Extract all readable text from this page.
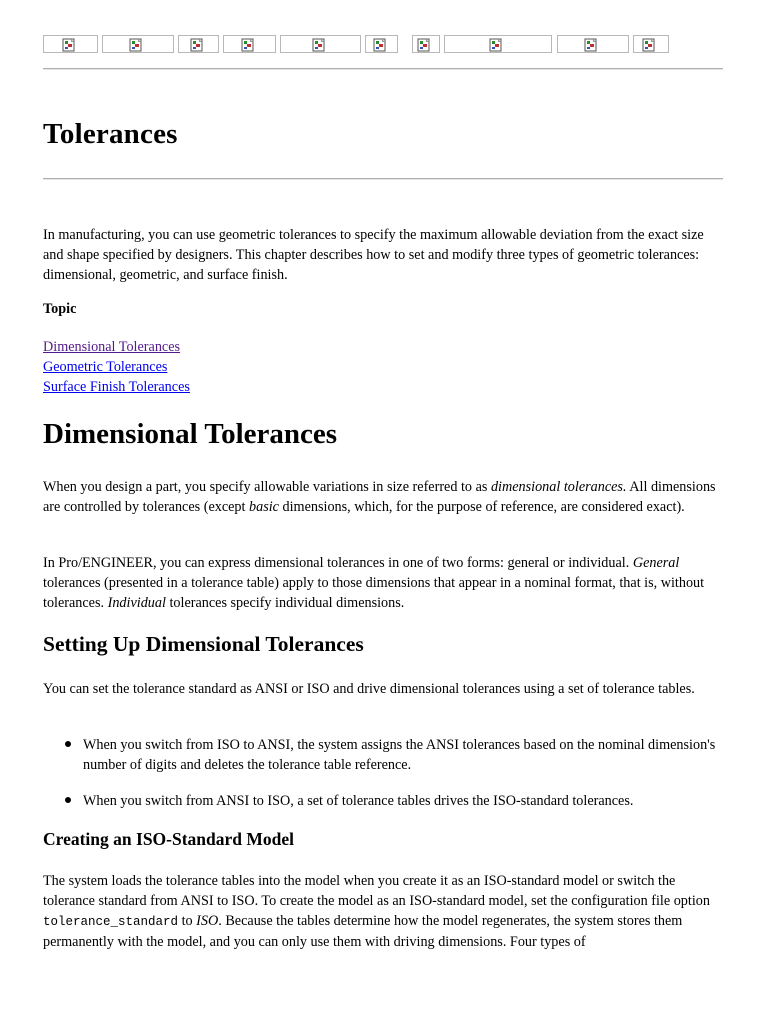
Tolerances

In manufacturing, you can use geometric tolerances to specify the maximum allowable deviation from the exact size and shape specified by designers. This chapter describes how to set and modify three types of geometric tolerances: dimensional, geometric, and surface finish.

Topic

Dimensional Tolerances
Geometric Tolerances
Surface Finish Tolerances
Dimensional Tolerances

When you design a part, you specify allowable variations in size referred to as dimensional tolerances. All dimensions are controlled by tolerances (except basic dimensions, which, for the purpose of reference, are considered exact).

In Pro/ENGINEER, you can express dimensional tolerances in one of two forms: general or individual. General tolerances (presented in a tolerance table) apply to those dimensions that appear in a nominal format, that is, without tolerances. Individual tolerances specify individual dimensions.

Setting Up Dimensional Tolerances

You can set the tolerance standard as ANSI or ISO and drive dimensional tolerances using a set of tolerance tables.

When you switch from ISO to ANSI, the system assigns the ANSI tolerances based on the nominal dimension's number of digits and deletes the tolerance table reference.

When you switch from ANSI to ISO, a set of tolerance tables drives the ISO-standard tolerances.

Creating an ISO-Standard Model

The system loads the tolerance tables into the model when you create it as an ISO-standard model or switch the tolerance standard from ANSI to ISO. To create the model as an ISO-standard model, set the configuration file option tolerance_standard to ISO. Because the tables determine how the model regenerates, the system stores them permanently with the model, and you can only use them with driving dimensions. Four types of
